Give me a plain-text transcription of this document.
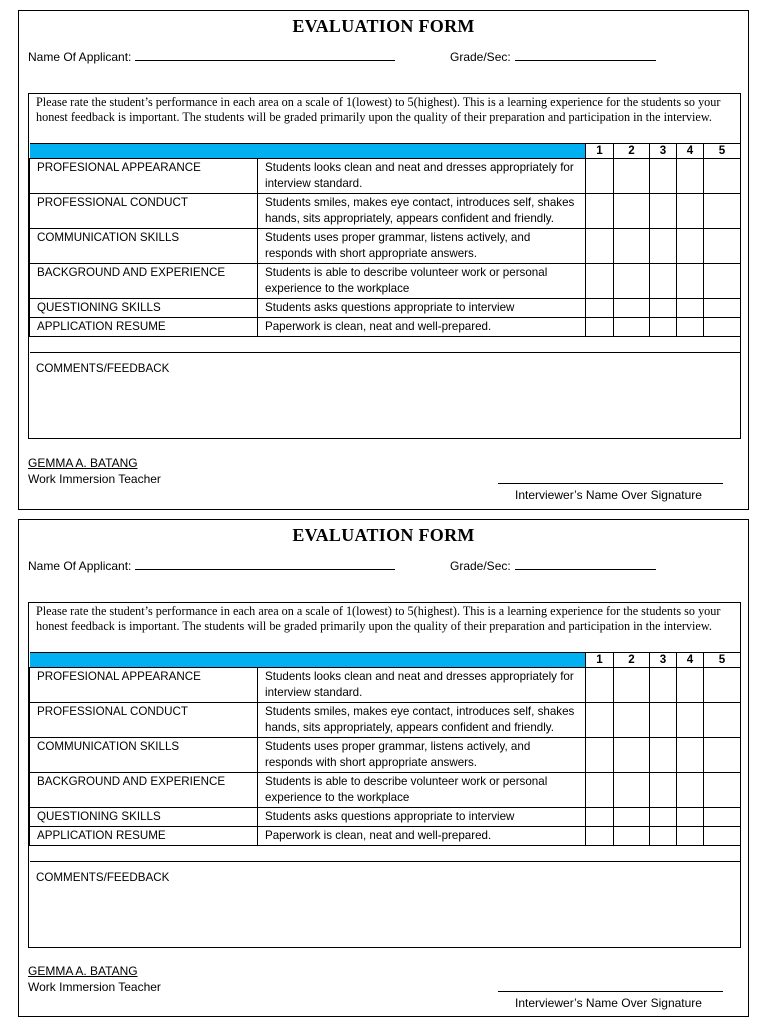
EVALUATION FORM
Name Of Applicant:	Grade/Sec:

Please rate the student’s performance in each area on a scale of 1(lowest) to 5(highest). This is a learning experience for the students so your honest feedback is important. The students will be graded primarily upon the quality of their preparation and participation in the interview.

		1	2	3	4	5
PROFESIONAL APPEARANCE	Students looks clean and neat and dresses appropriately for interview standard.					
PROFESSIONAL CONDUCT	Students smiles, makes eye contact, introduces self, shakes hands, sits appropriately, appears confident and friendly.					
COMMUNICATION SKILLS	Students uses proper grammar, listens actively, and responds with short appropriate answers.					
BACKGROUND AND EXPERIENCE	Students is able to describe volunteer work or personal experience to the workplace					
QUESTIONING SKILLS	Students asks questions appropriate to interview					
APPLICATION RESUME	Paperwork is clean, neat and well-prepared.					

COMMENTS/FEEDBACK

GEMMA A. BATANG

Work Immersion Teacher

Interviewer’s Name Over Signature

EVALUATION FORM
Name Of Applicant:	Grade/Sec:

Please rate the student’s performance in each area on a scale of 1(lowest) to 5(highest). This is a learning experience for the students so your honest feedback is important. The students will be graded primarily upon the quality of their preparation and participation in the interview.

		1	2	3	4	5
PROFESIONAL APPEARANCE	Students looks clean and neat and dresses appropriately for interview standard.					
PROFESSIONAL CONDUCT	Students smiles, makes eye contact, introduces self, shakes hands, sits appropriately, appears confident and friendly.					
COMMUNICATION SKILLS	Students uses proper grammar, listens actively, and responds with short appropriate answers.					
BACKGROUND AND EXPERIENCE	Students is able to describe volunteer work or personal experience to the workplace					
QUESTIONING SKILLS	Students asks questions appropriate to interview					
APPLICATION RESUME	Paperwork is clean, neat and well-prepared.					

COMMENTS/FEEDBACK

GEMMA A. BATANG

Work Immersion Teacher

Interviewer’s Name Over Signature
